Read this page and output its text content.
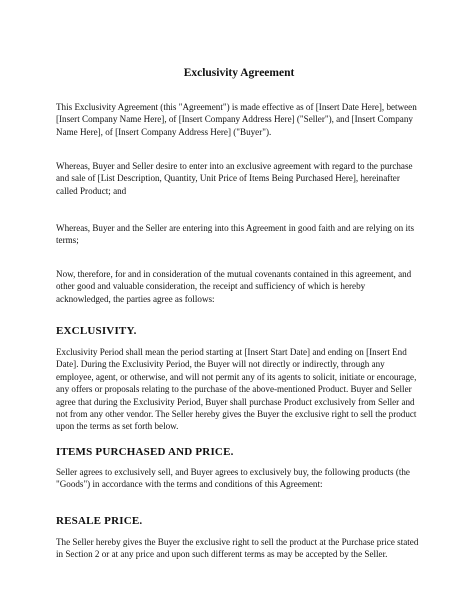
Exclusivity Agreement

This Exclusivity Agreement (this "Agreement") is made effective as of [Insert Date Here], between [Insert Company Name Here], of [Insert Company Address Here] ("Seller"), and [Insert Company Name Here], of [Insert Company Address Here] ("Buyer").

Whereas, Buyer and Seller desire to enter into an exclusive agreement with regard to the purchase and sale of [List Description, Quantity, Unit Price of Items Being Purchased Here], hereinafter called Product; and

Whereas, Buyer and the Seller are entering into this Agreement in good faith and are relying on its terms;

Now, therefore, for and in consideration of the mutual covenants contained in this agreement, and other good and valuable consideration, the receipt and sufficiency of which is hereby acknowledged, the parties agree as follows:

EXCLUSIVITY.

Exclusivity Period shall mean the period starting at [Insert Start Date] and ending on [Insert End Date]. During the Exclusivity Period, the Buyer will not directly or indirectly, through any employee, agent, or otherwise, and will not permit any of its agents to solicit, initiate or encourage, any offers or proposals relating to the purchase of the above-mentioned Product. Buyer and Seller agree that during the Exclusivity Period, Buyer shall purchase Product exclusively from Seller and not from any other vendor. The Seller hereby gives the Buyer the exclusive right to sell the product upon the terms as set forth below.

ITEMS PURCHASED AND PRICE.

Seller agrees to exclusively sell, and Buyer agrees to exclusively buy, the following products (the "Goods") in accordance with the terms and conditions of this Agreement:

RESALE PRICE.

The Seller hereby gives the Buyer the exclusive right to sell the product at the Purchase price stated in Section 2 or at any price and upon such different terms as may be accepted by the Seller.
